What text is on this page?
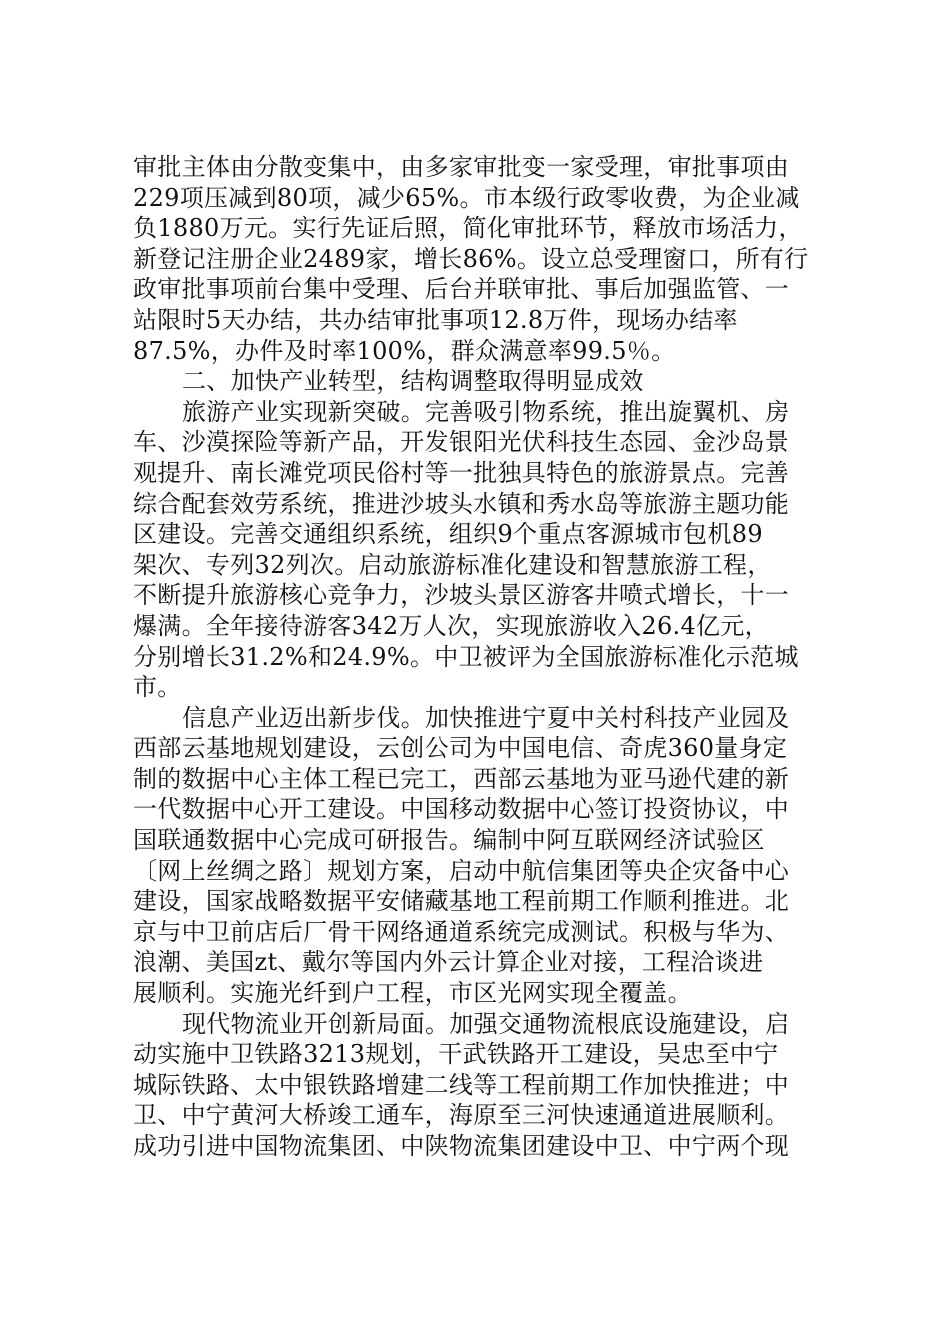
审批主体由分散变集中，由多家审批变一家受理，审批事项由
229项压减到80项，减少65%。市本级行政零收费，为企业减
负1880万元。实行先证后照，简化审批环节，释放市场活力，
新登记注册企业2489家，增长86%。设立总受理窗口，所有行
政审批事项前台集中受理、后台并联审批、事后加强监管、一
站限时5天办结，共办结审批事项12.8万件，现场办结率
87.5%，办件及时率100%，群众满意率99.5％。
二、加快产业转型，结构调整取得明显成效
旅游产业实现新突破。完善吸引物系统，推出旋翼机、房
车、沙漠探险等新产品，开发银阳光伏科技生态园、金沙岛景
观提升、南长滩党项民俗村等一批独具特色的旅游景点。完善
综合配套效劳系统，推进沙坡头水镇和秀水岛等旅游主题功能
区建设。完善交通组织系统，组织9个重点客源城市包机89
架次、专列32列次。启动旅游标准化建设和智慧旅游工程，
不断提升旅游核心竞争力，沙坡头景区游客井喷式增长，十一
爆满。全年接待游客342万人次，实现旅游收入26.4亿元，
分别增长31.2%和24.9%。中卫被评为全国旅游标准化示范城
市。
信息产业迈出新步伐。加快推进宁夏中关村科技产业园及
西部云基地规划建设，云创公司为中国电信、奇虎360量身定
制的数据中心主体工程已完工，西部云基地为亚马逊代建的新
一代数据中心开工建设。中国移动数据中心签订投资协议，中
国联通数据中心完成可研报告。编制中阿互联网经济试验区
〔网上丝绸之路〕规划方案，启动中航信集团等央企灾备中心
建设，国家战略数据平安储藏基地工程前期工作顺利推进。北
京与中卫前店后厂骨干网络通道系统完成测试。积极与华为、
浪潮、美国zt、戴尔等国内外云计算企业对接，工程洽谈进
展顺利。实施光纤到户工程，市区光网实现全覆盖。
现代物流业开创新局面。加强交通物流根底设施建设，启
动实施中卫铁路3213规划，干武铁路开工建设，吴忠至中宁
城际铁路、太中银铁路增建二线等工程前期工作加快推进；中
卫、中宁黄河大桥竣工通车，海原至三河快速通道进展顺利。
成功引进中国物流集团、中陕物流集团建设中卫、中宁两个现
